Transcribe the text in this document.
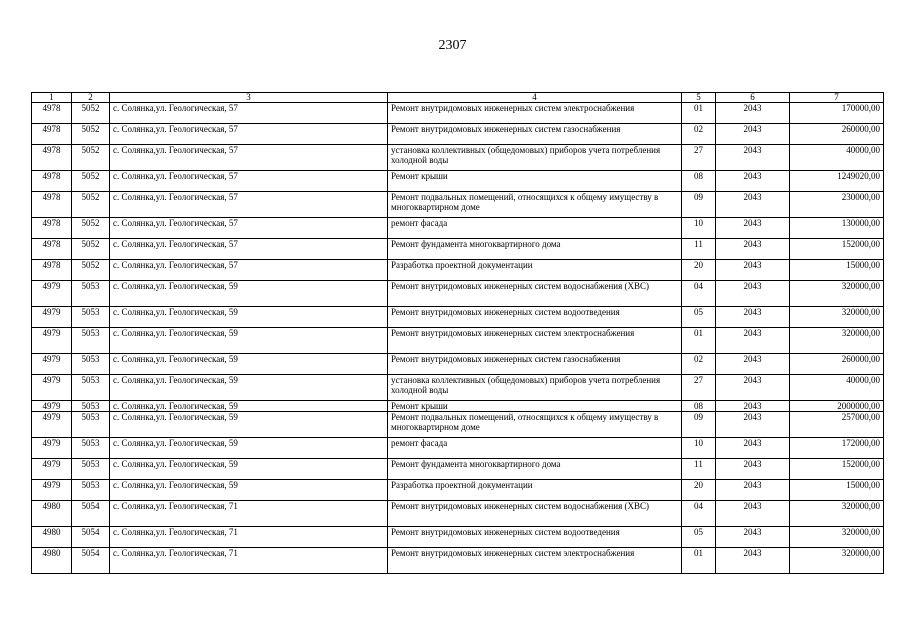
2307
1	2	3	4	5	6	7
4978	5052	с. Солянка,ул. Геологическая, 57	Ремонт внутридомовых инженерных систем электроснабжения	01	2043	170000,00
4978	5052	с. Солянка,ул. Геологическая, 57	Ремонт внутридомовых инженерных систем газоснабжения	02	2043	260000,00
4978	5052	с. Солянка,ул. Геологическая, 57	установка коллективных (общедомовых) приборов учета потребления холодной воды	27	2043	40000,00
4978	5052	с. Солянка,ул. Геологическая, 57	Ремонт крыши	08	2043	1249020,00
4978	5052	с. Солянка,ул. Геологическая, 57	Ремонт подвальных помещений, относящихся к общему имуществу в многоквартирном доме	09	2043	230000,00
4978	5052	с. Солянка,ул. Геологическая, 57	ремонт фасада	10	2043	130000,00
4978	5052	с. Солянка,ул. Геологическая, 57	Ремонт фундамента многоквартирного дома	11	2043	152000,00
4978	5052	с. Солянка,ул. Геологическая, 57	Разработка проектной документации	20	2043	15000,00
4979	5053	с. Солянка,ул. Геологическая, 59	Ремонт внутридомовых инженерных систем водоснабжения (ХВС)	04	2043	320000,00
4979	5053	с. Солянка,ул. Геологическая, 59	Ремонт внутридомовых инженерных систем водоотведения	05	2043	320000,00
4979	5053	с. Солянка,ул. Геологическая, 59	Ремонт внутридомовых инженерных систем электроснабжения	01	2043	320000,00
4979	5053	с. Солянка,ул. Геологическая, 59	Ремонт внутридомовых инженерных систем газоснабжения	02	2043	260000,00
4979	5053	с. Солянка,ул. Геологическая, 59	установка коллективных (общедомовых) приборов учета потребления холодной воды	27	2043	40000,00
4979	5053	с. Солянка,ул. Геологическая, 59	Ремонт крыши	08	2043	2000000,00
4979	5053	с. Солянка,ул. Геологическая, 59	Ремонт подвальных помещений, относящихся к общему имуществу в многоквартирном доме	09	2043	257000,00
4979	5053	с. Солянка,ул. Геологическая, 59	ремонт фасада	10	2043	172000,00
4979	5053	с. Солянка,ул. Геологическая, 59	Ремонт фундамента многоквартирного дома	11	2043	152000,00
4979	5053	с. Солянка,ул. Геологическая, 59	Разработка проектной документации	20	2043	15000,00
4980	5054	с. Солянка,ул. Геологическая, 71	Ремонт внутридомовых инженерных систем водоснабжения (ХВС)	04	2043	320000,00
4980	5054	с. Солянка,ул. Геологическая, 71	Ремонт внутридомовых инженерных систем водоотведения	05	2043	320000,00
4980	5054	с. Солянка,ул. Геологическая, 71	Ремонт внутридомовых инженерных систем электроснабжения	01	2043	320000,00
